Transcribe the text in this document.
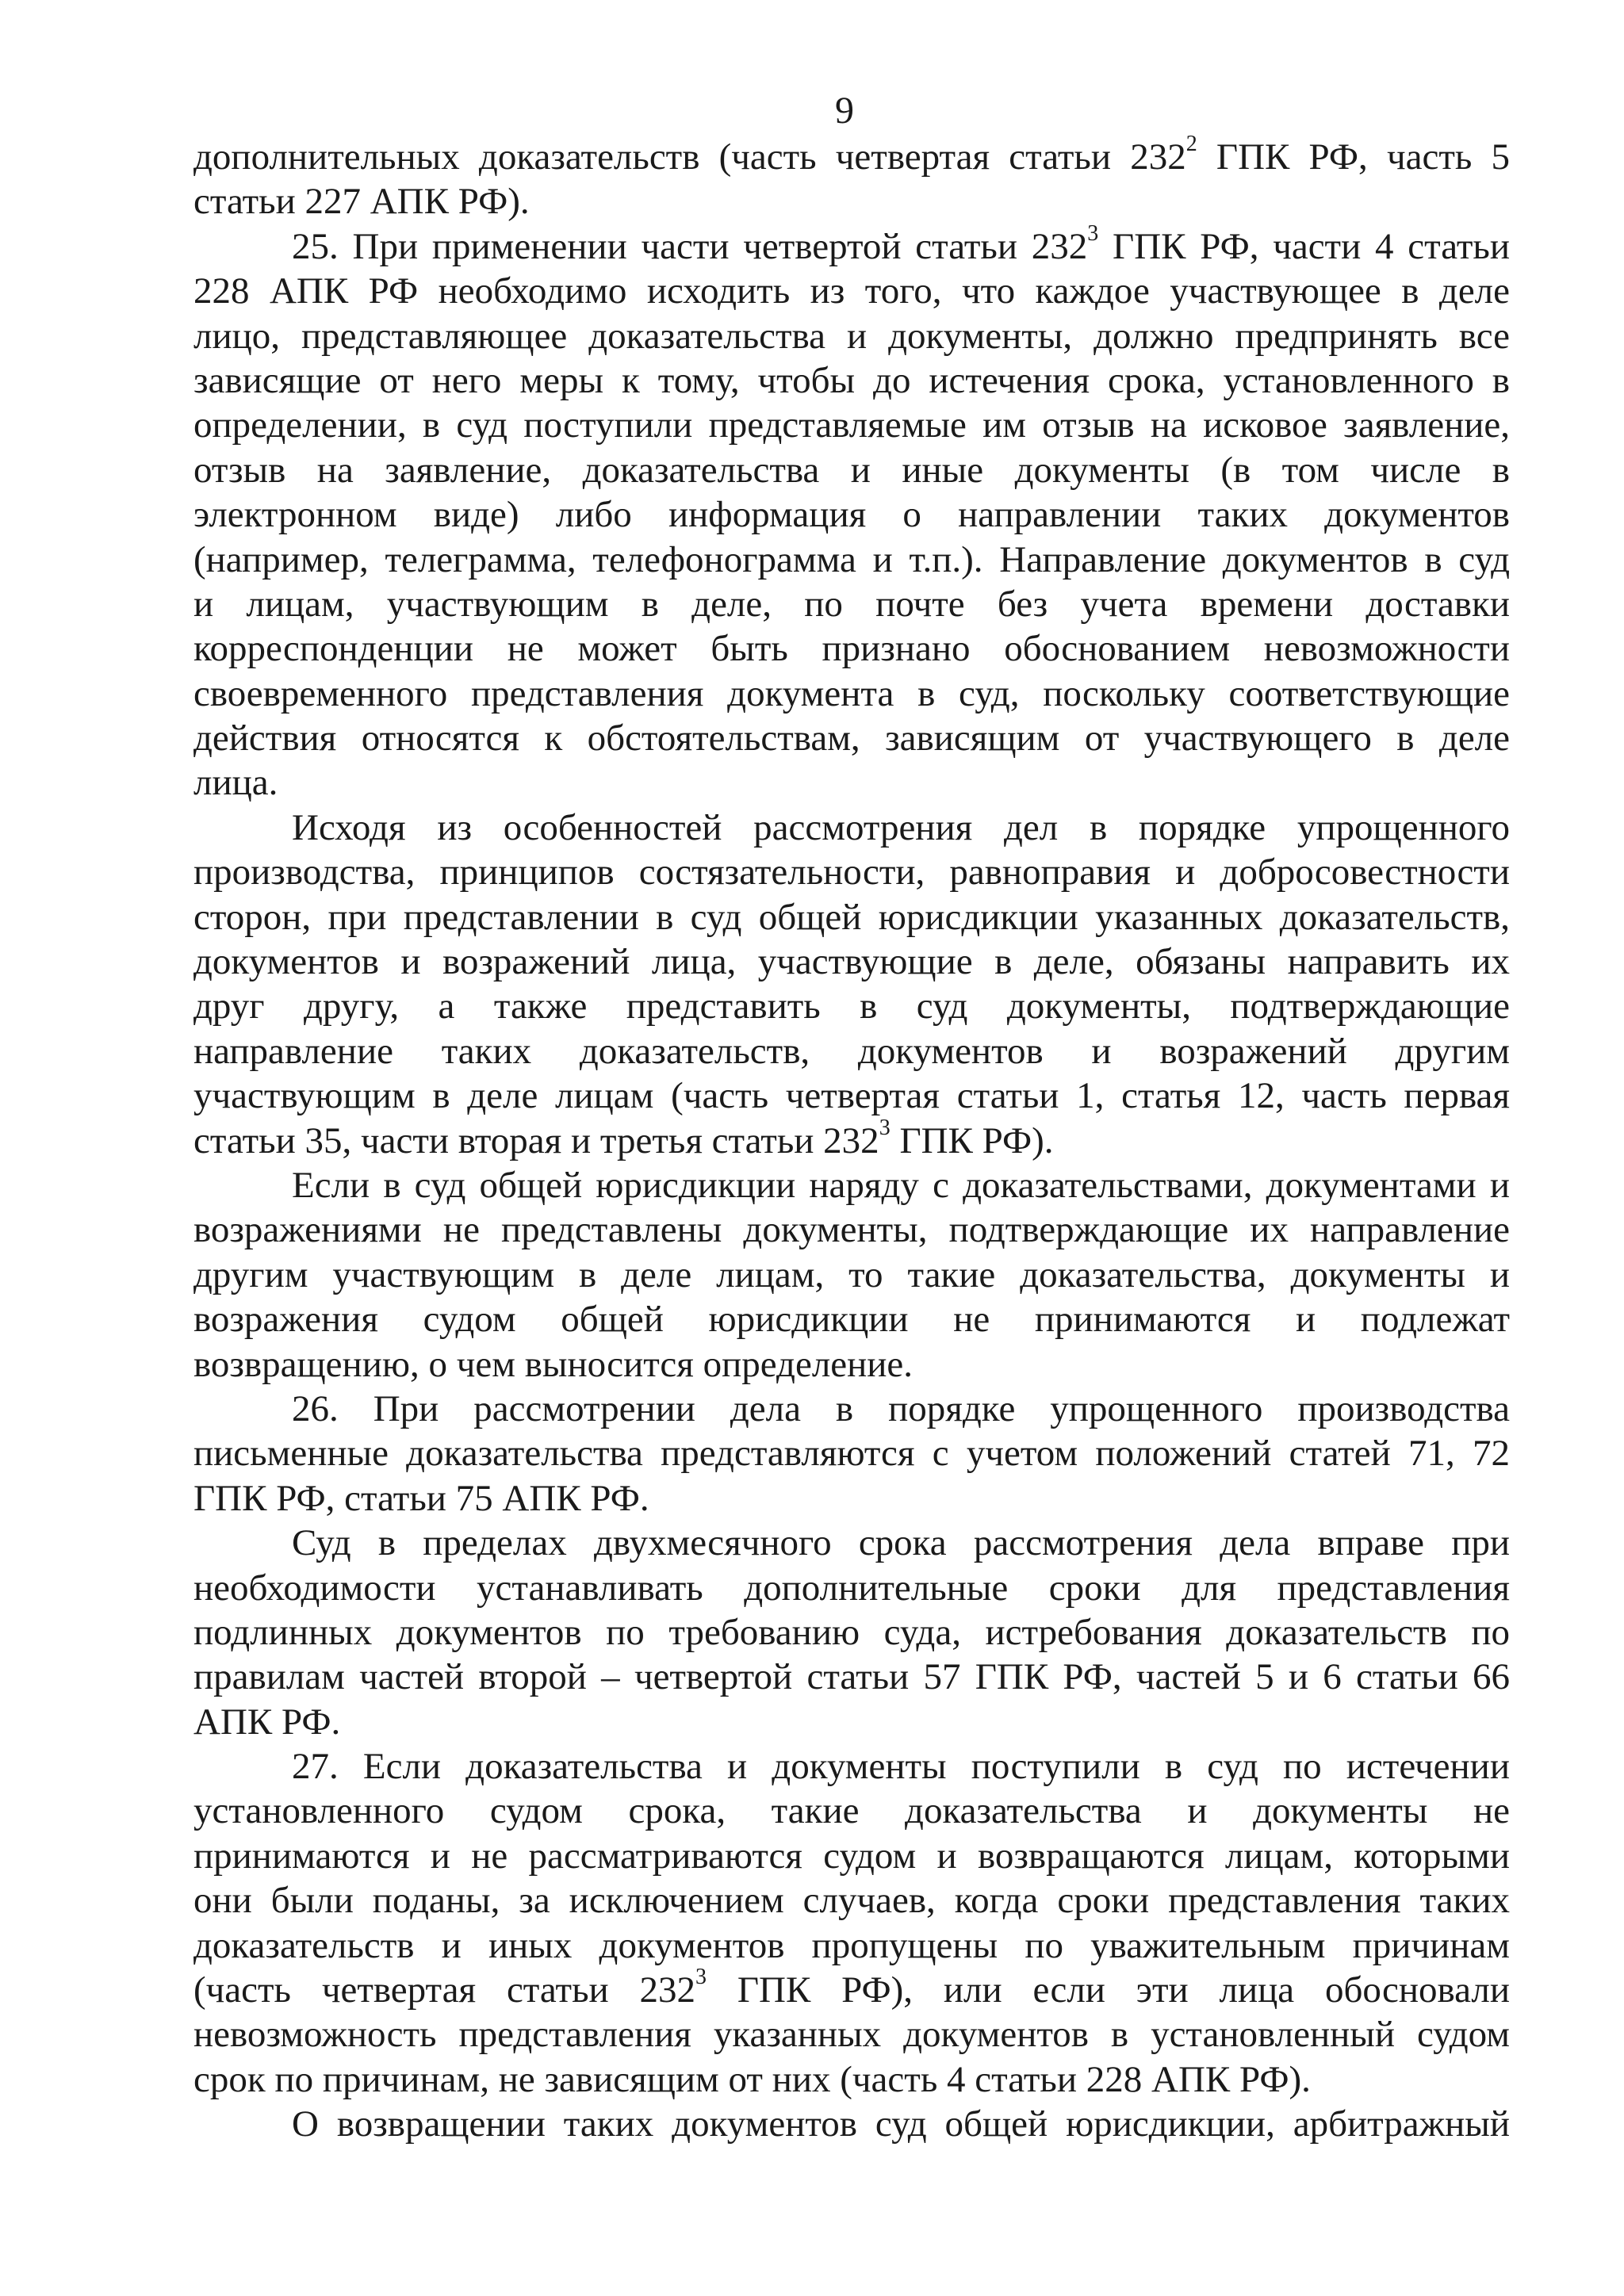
9
дополнительных доказательств (часть четвертая статьи $232^2$ ГПК РФ, часть 5
статьи 227 АПК РФ).
25. При применении части четвертой статьи $232^3$ ГПК РФ, части 4 статьи
228 АПК РФ необходимо исходить из того, что каждое участвующее в деле
лицо, представляющее доказательства и документы, должно предпринять все
зависящие от него меры к тому, чтобы до истечения срока, установленного в
определении, в суд поступили представляемые им отзыв на исковое заявление,
отзыв на заявление, доказательства и иные документы (в том числе в
электронном виде) либо информация о направлении таких документов
(например, телеграмма, телефонограмма и т.п.). Направление документов в суд
и лицам, участвующим в деле, по почте без учета времени доставки
корреспонденции не может быть признано обоснованием невозможности
своевременного представления документа в суд, поскольку соответствующие
действия относятся к обстоятельствам, зависящим от участвующего в деле
лица.
Исходя из особенностей рассмотрения дел в порядке упрощенного
производства, принципов состязательности, равноправия и добросовестности
сторон, при представлении в суд общей юрисдикции указанных доказательств,
документов и возражений лица, участвующие в деле, обязаны направить их
друг другу, а также представить в суд документы, подтверждающие
направление таких доказательств, документов и возражений другим
участвующим в деле лицам (часть четвертая статьи 1, статья 12, часть первая
статьи 35, части вторая и третья статьи $232^3$ ГПК РФ).
Если в суд общей юрисдикции наряду с доказательствами, документами и
возражениями не представлены документы, подтверждающие их направление
другим участвующим в деле лицам, то такие доказательства, документы и
возражения судом общей юрисдикции не принимаются и подлежат
возвращению, о чем выносится определение.
26. При рассмотрении дела в порядке упрощенного производства
письменные доказательства представляются с учетом положений статей 71, 72
ГПК РФ, статьи 75 АПК РФ.
Суд в пределах двухмесячного срока рассмотрения дела вправе при
необходимости устанавливать дополнительные сроки для представления
подлинных документов по требованию суда, истребования доказательств по
правилам частей второй – четвертой статьи 57 ГПК РФ, частей 5 и 6 статьи 66
АПК РФ.
27. Если доказательства и документы поступили в суд по истечении
установленного судом срока, такие доказательства и документы не
принимаются и не рассматриваются судом и возвращаются лицам, которыми
они были поданы, за исключением случаев, когда сроки представления таких
доказательств и иных документов пропущены по уважительным причинам
(часть четвертая статьи $232^3$ ГПК РФ), или если эти лица обосновали
невозможность представления указанных документов в установленный судом
срок по причинам, не зависящим от них (часть 4 статьи 228 АПК РФ).
О возвращении таких документов суд общей юрисдикции, арбитражный
